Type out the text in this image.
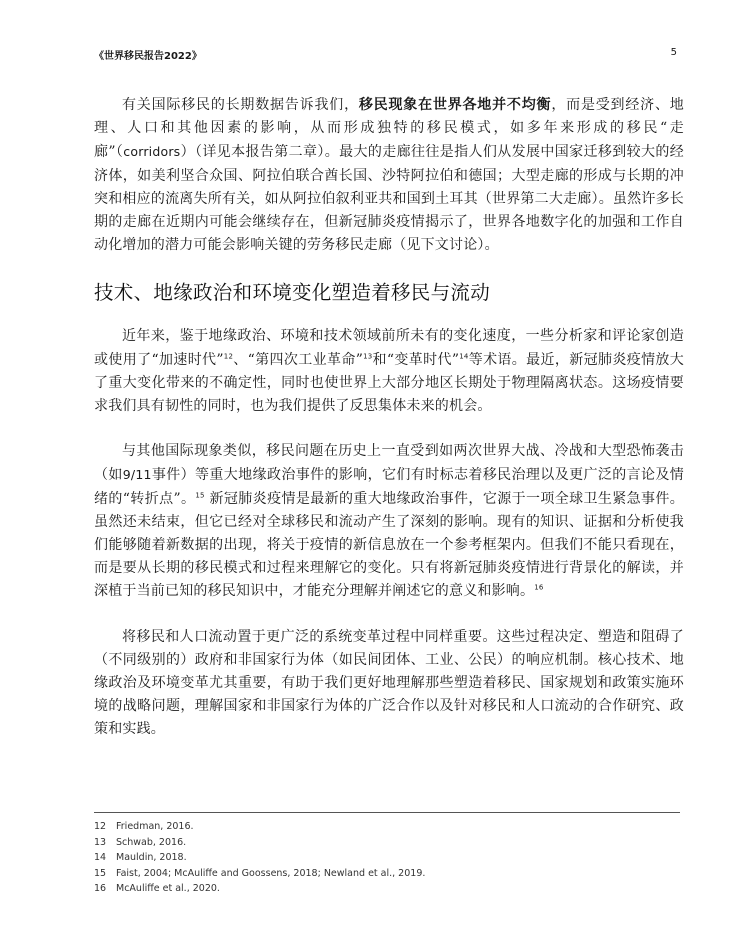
《世界移民报告2022》	5

有关国际移民的长期数据告诉我们，移民现象在世界各地并不均衡，而是受到经济、地理、人口和其他因素的影响，从而形成独特的移民模式，如多年来形成的移民“走廊”（corridors）（详见本报告第二章）。最大的走廊往往是指人们从发展中国家迁移到较大的经济体，如美利坚合众国、阿拉伯联合酋长国、沙特阿拉伯和德国；大型走廊的形成与长期的冲突和相应的流离失所有关，如从阿拉伯叙利亚共和国到土耳其（世界第二大走廊）。虽然许多长期的走廊在近期内可能会继续存在，但新冠肺炎疫情揭示了，世界各地数字化的加强和工作自动化增加的潜力可能会影响关键的劳务移民走廊（见下文讨论）。

技术、地缘政治和环境变化塑造着移民与流动

近年来，鉴于地缘政治、环境和技术领域前所未有的变化速度，一些分析家和评论家创造或使用了“加速时代”$^{12}$、“第四次工业革命”$^{13}$和“变革时代”$^{14}$等术语。最近，新冠肺炎疫情放大了重大变化带来的不确定性，同时也使世界上大部分地区长期处于物理隔离状态。这场疫情要求我们具有韧性的同时，也为我们提供了反思集体未来的机会。

与其他国际现象类似，移民问题在历史上一直受到如两次世界大战、冷战和大型恐怖袭击（如9/11事件）等重大地缘政治事件的影响，它们有时标志着移民治理以及更广泛的言论及情绪的“转折点”。$^{15}$ 新冠肺炎疫情是最新的重大地缘政治事件，它源于一项全球卫生紧急事件。虽然还未结束，但它已经对全球移民和流动产生了深刻的影响。现有的知识、证据和分析使我们能够随着新数据的出现，将关于疫情的新信息放在一个参考框架内。但我们不能只看现在，而是要从长期的移民模式和过程来理解它的变化。只有将新冠肺炎疫情进行背景化的解读，并深植于当前已知的移民知识中，才能充分理解并阐述它的意义和影响。$^{16}$

将移民和人口流动置于更广泛的系统变革过程中同样重要。这些过程决定、塑造和阻碍了（不同级别的）政府和非国家行为体（如民间团体、工业、公民）的响应机制。核心技术、地缘政治及环境变革尤其重要，有助于我们更好地理解那些塑造着移民、国家规划和政策实施环境的战略问题，理解国家和非国家行为体的广泛合作以及针对移民和人口流动的合作研究、政策和实践。

12 Friedman, 2016.
13 Schwab, 2016.
14 Mauldin, 2018.
15 Faist, 2004; McAuliffe and Goossens, 2018; Newland et al., 2019.
16 McAuliffe et al., 2020.
